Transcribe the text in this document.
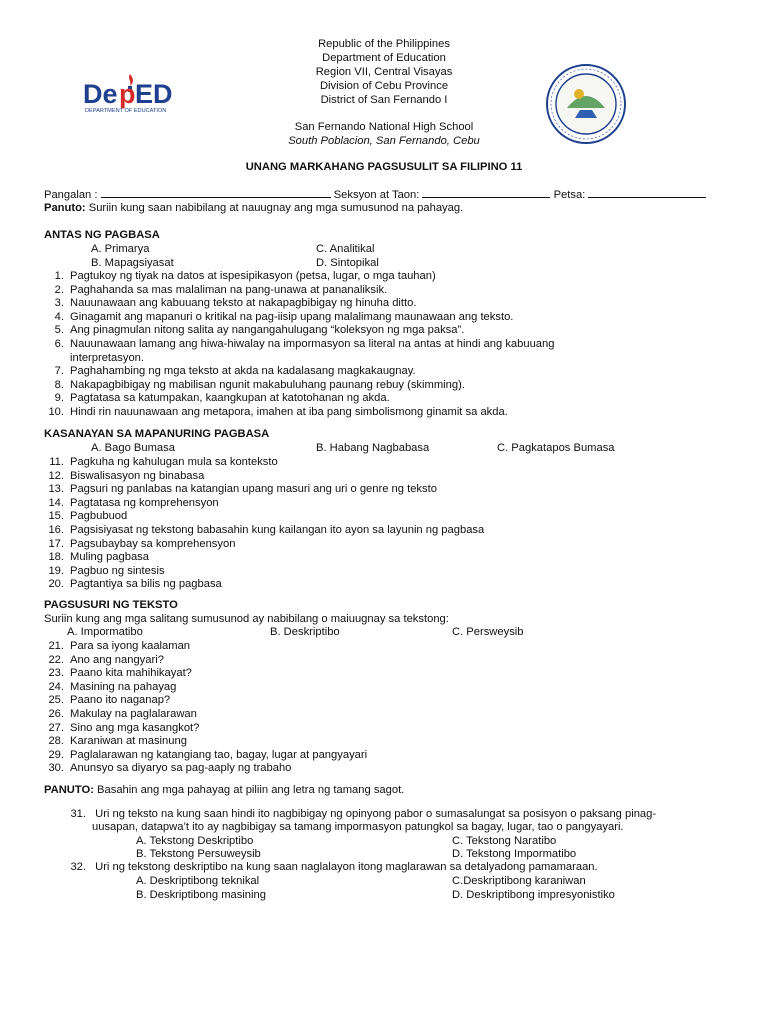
De p ED
DEPARTMENT OF EDUCATION
Republic of the Philippines
Department of Education
Region VII, Central Visayas
Division of Cebu Province
District of San Fernando I
San Fernando National High School
South Poblacion, San Fernando, Cebu
UNANG MARKAHANG PAGSUSULIT SA FILIPINO 11
Pangalan :	Seksyon at Taon:	Petsa:
Panuto: Suriin kung saan nabibilang at nauugnay ang mga sumusunod na pahayag.
ANTAS NG PAGBASA
A. Primarya	C. Analitikal
B. Mapagsiyasat	D. Sintopikal
1. Pagtukoy ng tiyak na datos at ispesipikasyon (petsa, lugar, o mga tauhan)
2. Paghahanda sa mas malaliman na pang-unawa at pananaliksik.
3. Nauunawaan ang kabuuang teksto at nakapagbibigay ng hinuha ditto.
4. Ginagamit ang mapanuri o kritikal na pag-iisip upang malalimang maunawaan ang teksto.
5. Ang pinagmulan nitong salita ay nangangahulugang “koleksyon ng mga paksa”.
6. Nauunawaan lamang ang hiwa-hiwalay na impormasyon sa literal na antas at hindi ang kabuuang
interpretasyon.
7. Paghahambing ng mga teksto at akda na kadalasang magkakaugnay.
8. Nakapagbibigay ng mabilisan ngunit makabuluhang paunang rebuy (skimming).
9. Pagtatasa sa katumpakan, kaangkupan at katotohanan ng akda.
10. Hindi rin nauunawaan ang metapora, imahen at iba pang simbolismong ginamit sa akda.
KASANAYAN SA MAPANURING PAGBASA
A. Bago Bumasa	B. Habang Nagbabasa	C. Pagkatapos Bumasa
11. Pagkuha ng kahulugan mula sa konteksto
12. Biswalisasyon ng binabasa
13. Pagsuri ng panlabas na katangian upang masuri ang uri o genre ng teksto
14. Pagtatasa ng komprehensyon
15. Pagbubuod
16. Pagsisiyasat ng tekstong babasahin kung kailangan ito ayon sa layunin ng pagbasa
17. Pagsubaybay sa komprehensyon
18. Muling pagbasa
19. Pagbuo ng sintesis
20. Pagtantiya sa bilis ng pagbasa
PAGSUSURI NG TEKSTO
Suriin kung ang mga salitang sumusunod ay nabibilang o maiuugnay sa tekstong:
A. Impormatibo	B. Deskriptibo	C. Persweysib
21. Para sa iyong kaalaman
22. Ano ang nangyari?
23. Paano kita mahihikayat?
24. Masining na pahayag
25. Paano ito naganap?
26. Makulay na paglalarawan
27. Sino ang mga kasangkot?
28. Karaniwan at masinung
29. Paglalarawan ng katangiang tao, bagay, lugar at pangyayari
30. Anunsyo sa diyaryo sa pag-aaply ng trabaho
PANUTO: Basahin ang mga pahayag at piliin ang letra ng tamang sagot.
31. Uri ng teksto na kung saan hindi ito nagbibigay ng opinyong pabor o sumasalungat sa posisyon o paksang pinag-
uusapan, datapwa’t ito ay nagbibigay sa tamang impormasyon patungkol sa bagay, lugar, tao o pangyayari.
A. Tekstong Deskriptibo	C. Tekstong Naratibo
B. Tekstong Persuweysib	D. Tekstong Impormatibo
32. Uri ng tekstong deskriptibo na kung saan naglalayon itong maglarawan sa detalyadong pamamaraan.
A. Deskriptibong teknikal	C.Deskriptibong karaniwan
B. Deskriptibong masining	D. Deskriptibong impresyonistiko
